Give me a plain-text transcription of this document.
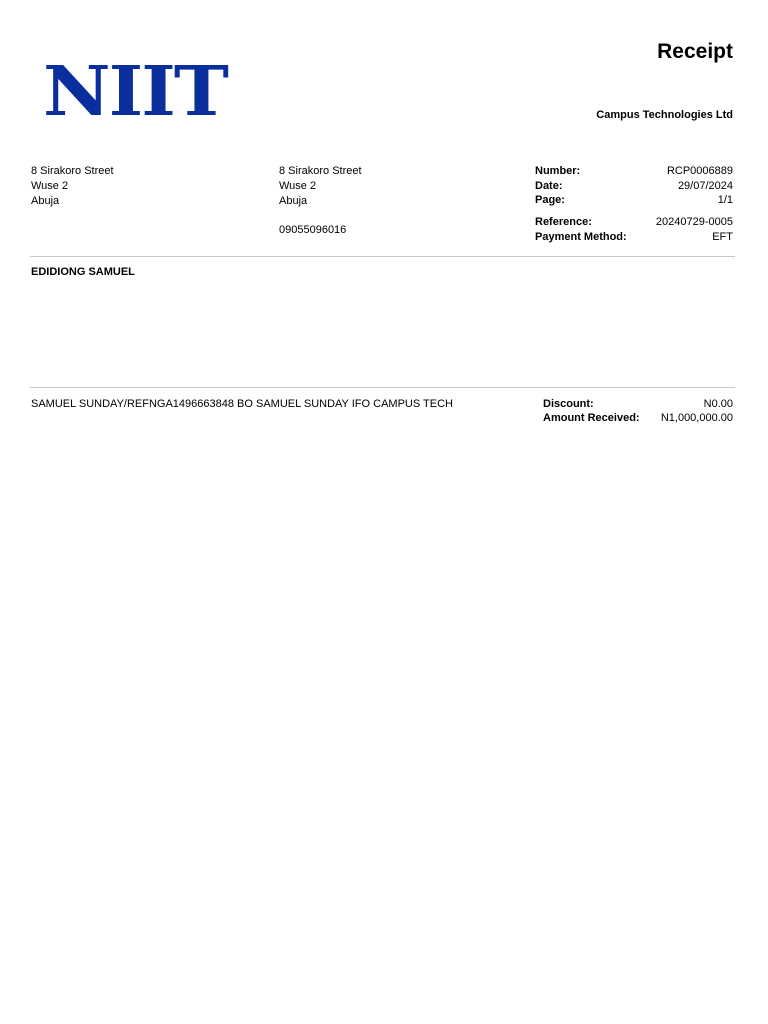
NIIT
Receipt
Campus Technologies Ltd
8 Sirakoro Street
Wuse 2
Abuja
8 Sirakoro Street
Wuse 2
Abuja
09055096016
Number:	RCP0006889
Date:	29/07/2024
Page:	1/1
Reference:	20240729-0005
Payment Method:	EFT
EDIDIONG SAMUEL
SAMUEL SUNDAY/REFNGA1496663848 BO SAMUEL SUNDAY IFO CAMPUS TECH	Discount:	N0.00
Amount Received: N1,000,000.00
